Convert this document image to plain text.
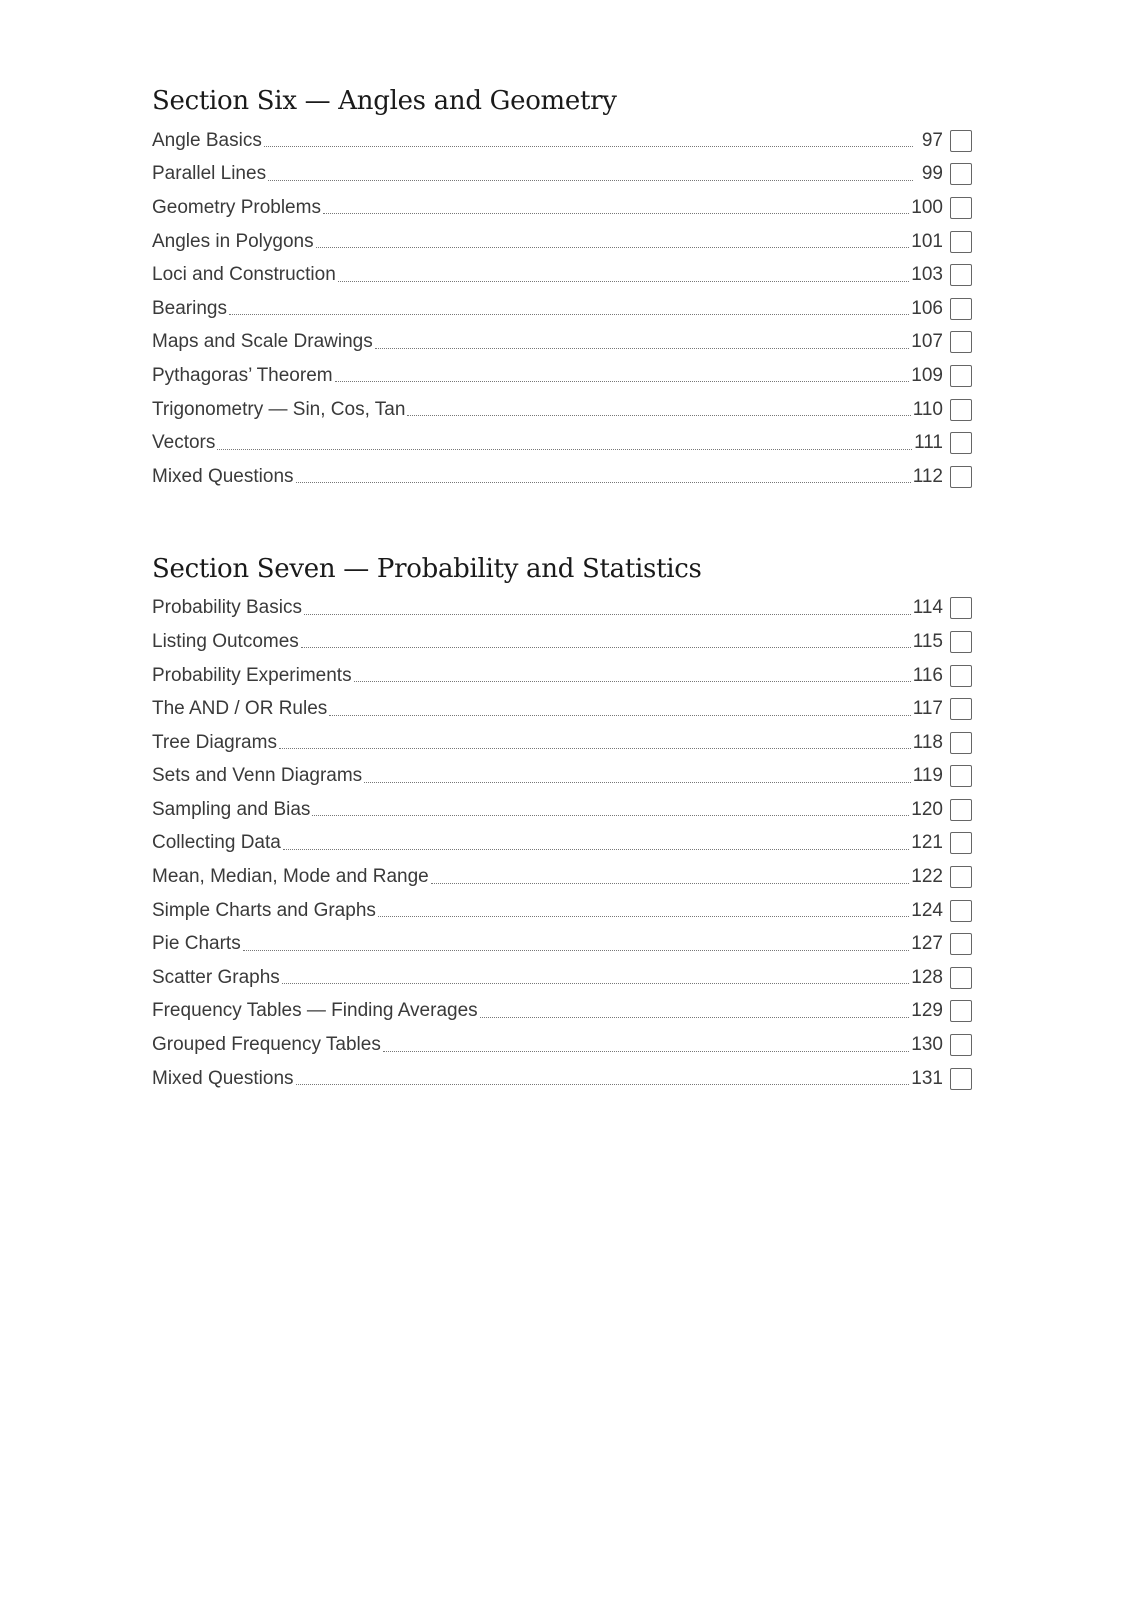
Section Six — Angles and Geometry
Angle Basics	97
Parallel Lines	99
Geometry Problems	100
Angles in Polygons	101
Loci and Construction	103
Bearings	106
Maps and Scale Drawings	107
Pythagoras’ Theorem	109
Trigonometry — Sin, Cos, Tan	110
Vectors	111
Mixed Questions	112
Section Seven — Probability and Statistics
Probability Basics	114
Listing Outcomes	115
Probability Experiments	116
The AND / OR Rules	117
Tree Diagrams	118
Sets and Venn Diagrams	119
Sampling and Bias	120
Collecting Data	121
Mean, Median, Mode and Range	122
Simple Charts and Graphs	124
Pie Charts	127
Scatter Graphs	128
Frequency Tables — Finding Averages	129
Grouped Frequency Tables	130
Mixed Questions	131
